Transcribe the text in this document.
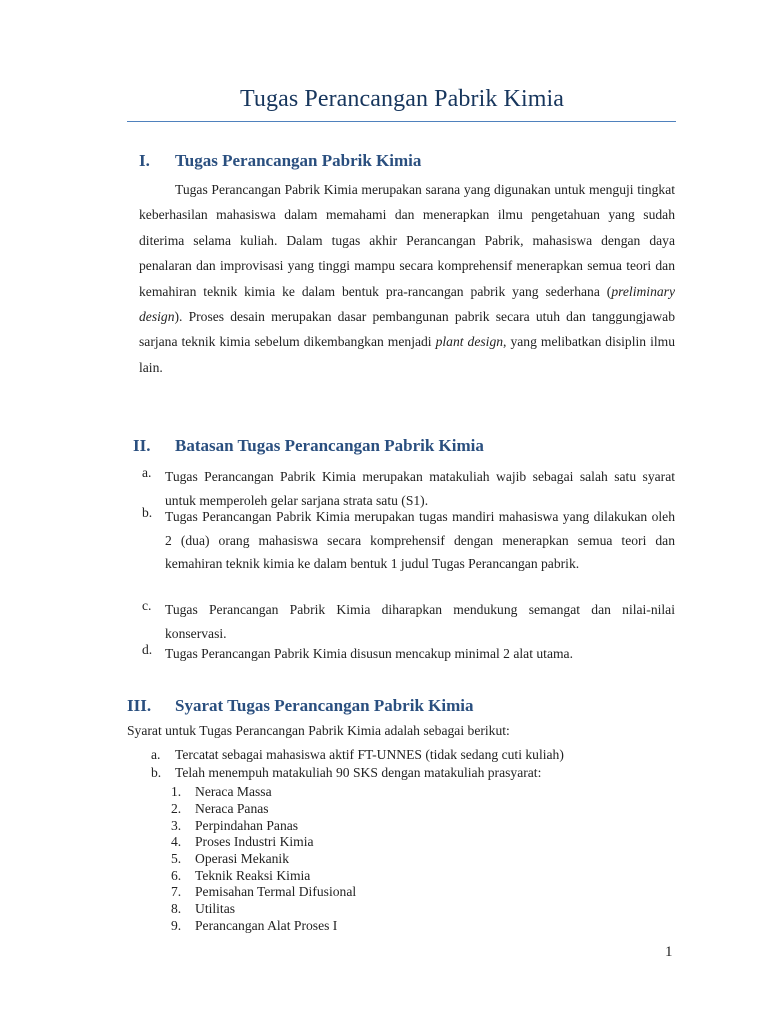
Tugas Perancangan Pabrik Kimia
I. Tugas Perancangan Pabrik Kimia

Tugas Perancangan Pabrik Kimia merupakan sarana yang digunakan untuk menguji tingkat keberhasilan mahasiswa dalam memahami dan menerapkan ilmu pengetahuan yang sudah diterima selama kuliah. Dalam tugas akhir Perancangan Pabrik, mahasiswa dengan daya penalaran dan improvisasi yang tinggi mampu secara komprehensif menerapkan semua teori dan kemahiran teknik kimia ke dalam bentuk pra-rancangan pabrik yang sederhana (preliminary design). Proses desain merupakan dasar pembangunan pabrik secara utuh dan tanggungjawab sarjana teknik kimia sebelum dikembangkan menjadi plant design, yang melibatkan disiplin ilmu lain.

II. Batasan Tugas Perancangan Pabrik Kimia
a. Tugas Perancangan Pabrik Kimia merupakan matakuliah wajib sebagai salah satu syarat untuk memperoleh gelar sarjana strata satu (S1).
b. Tugas Perancangan Pabrik Kimia merupakan tugas mandiri mahasiswa yang dilakukan oleh 2 (dua) orang mahasiswa secara komprehensif dengan menerapkan semua teori dan kemahiran teknik kimia ke dalam bentuk 1 judul Tugas Perancangan pabrik.
c. Tugas Perancangan Pabrik Kimia diharapkan mendukung semangat dan nilai-nilai konservasi.
d. Tugas Perancangan Pabrik Kimia disusun mencakup minimal 2 alat utama.
III. Syarat Tugas Perancangan Pabrik Kimia
Syarat untuk Tugas Perancangan Pabrik Kimia adalah sebagai berikut:
a. Tercatat sebagai mahasiswa aktif FT-UNNES (tidak sedang cuti kuliah)
b. Telah menempuh matakuliah 90 SKS dengan matakuliah prasyarat:
1. Neraca Massa
2. Neraca Panas
3. Perpindahan Panas
4. Proses Industri Kimia
5. Operasi Mekanik
6. Teknik Reaksi Kimia
7. Pemisahan Termal Difusional
8. Utilitas
9. Perancangan Alat Proses I
1
